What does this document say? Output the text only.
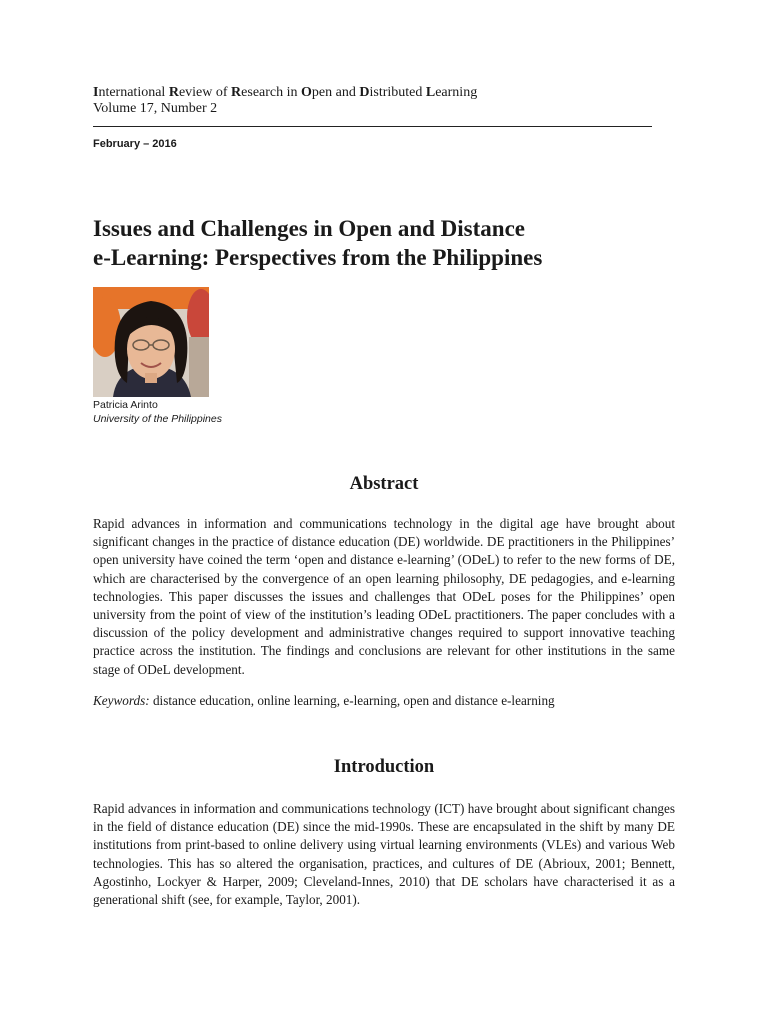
International Review of Research in Open and Distributed Learning
Volume 17, Number 2
February – 2016
Issues and Challenges in Open and Distance
e-Learning: Perspectives from the Philippines
Patricia Arinto
University of the Philippines
Abstract

Rapid advances in information and communications technology in the digital age have brought about significant changes in the practice of distance education (DE) worldwide. DE practitioners in the Philippines’ open university have coined the term ‘open and distance e-learning’ (ODeL) to refer to the new forms of DE, which are characterised by the convergence of an open learning philosophy, DE pedagogies, and e-learning technologies. This paper discusses the issues and challenges that ODeL poses for the Philippines’ open university from the point of view of the institution’s leading ODeL practitioners. The paper concludes with a discussion of the policy development and administrative changes required to support innovative teaching practice across the institution. The findings and conclusions are relevant for other institutions in the same stage of ODeL development.

Keywords: distance education, online learning, e-learning, open and distance e-learning

Introduction

Rapid advances in information and communications technology (ICT) have brought about significant changes in the field of distance education (DE) since the mid-1990s. These are encapsulated in the shift by many DE institutions from print-based to online delivery using virtual learning environments (VLEs) and various Web technologies. This has so altered the organisation, practices, and cultures of DE (Abrioux, 2001; Bennett, Agostinho, Lockyer & Harper, 2009; Cleveland-Innes, 2010) that DE scholars have characterised it as a generational shift (see, for example, Taylor, 2001).
